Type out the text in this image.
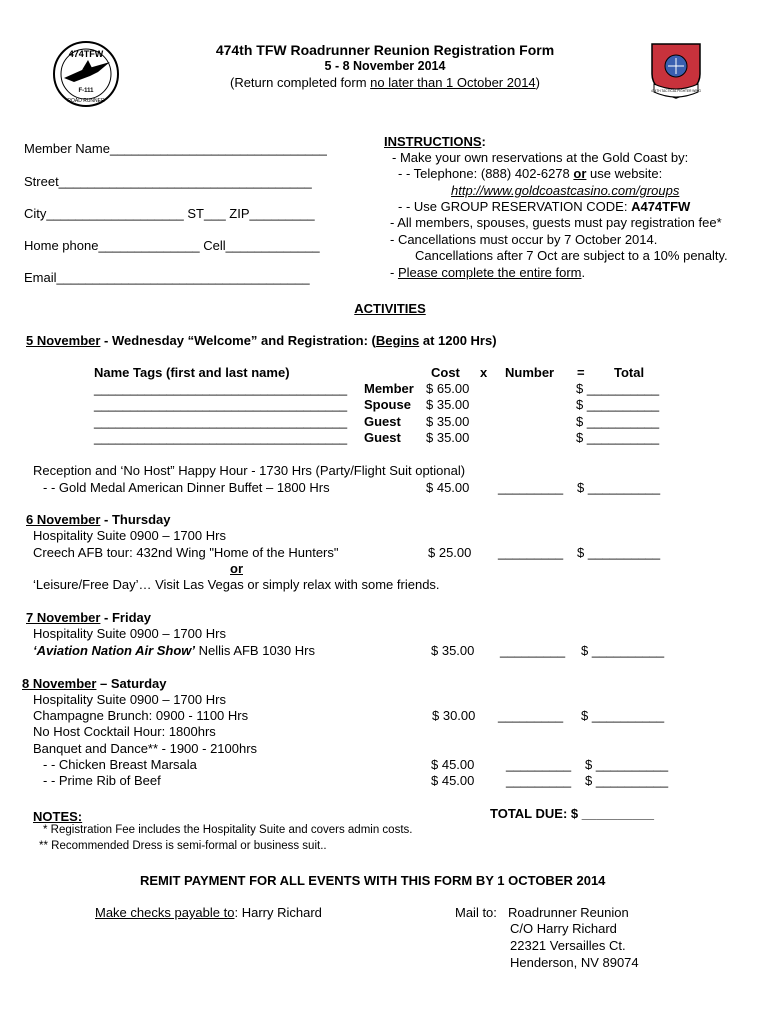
474TFW
F-111
ROAD RUNNER
474TH TACTICAL FIGHTER WING
474th TFW Roadrunner Reunion Registration Form
5 - 8 November 2014
(Return completed form no later than 1 October 2014)
Member Name______________________________
Street___________________________________
City___________________ ST___ ZIP_________
Home phone______________ Cell_____________
Email___________________________________
INSTRUCTIONS:
- Make your own reservations at the Gold Coast by:
- - Telephone: (888) 402-6278 or use website:
http://www.goldcoastcasino.com/groups
- - Use GROUP RESERVATION CODE: A474TFW
- All members, spouses, guests must pay registration fee*
- Cancellations must occur by 7 October 2014.
Cancellations after 7 Oct are subject to a 10% penalty.
- Please complete the entire form.
ACTIVITIES
5 November - Wednesday “Welcome” and Registration: (Begins at 1200 Hrs)
Name Tags (first and last name)	Cost x Number = Total
___________________________________ Member $ 65.00	$ __________
___________________________________ Spouse $ 35.00	$ __________
___________________________________ Guest $ 35.00	$ __________
___________________________________ Guest $ 35.00	$ __________
Reception and ‘No Host” Happy Hour - 1730 Hrs (Party/Flight Suit optional)
- - Gold Medal American Dinner Buffet – 1800 Hrs	$ 45.00 _________ $ __________
6 November - Thursday
Hospitality Suite 0900 – 1700 Hrs
Creech AFB tour: 432nd Wing "Home of the Hunters"	$ 25.00 _________ $ __________
or
‘Leisure/Free Day’… Visit Las Vegas or simply relax with some friends.
7 November - Friday
Hospitality Suite 0900 – 1700 Hrs
‘Aviation Nation Air Show’ Nellis AFB 1030 Hrs	$ 35.00 _________ $ __________
8 November – Saturday
Hospitality Suite 0900 – 1700 Hrs
Champagne Brunch: 0900 - 1100 Hrs	$ 30.00 _________ $ __________
No Host Cocktail Hour: 1800hrs
Banquet and Dance** - 1900 - 2100hrs
- - Chicken Breast Marsala	$ 45.00 _________ $ __________
- - Prime Rib of Beef	$ 45.00 _________ $ __________
TOTAL DUE: $ __________
NOTES:
* Registration Fee includes the Hospitality Suite and covers admin costs.
** Recommended Dress is semi-formal or business suit..
REMIT PAYMENT FOR ALL EVENTS WITH THIS FORM BY 1 OCTOBER 2014
Make checks payable to: Harry Richard	Mail to: Roadrunner Reunion
C/O Harry Richard
22321 Versailles Ct.
Henderson, NV 89074
